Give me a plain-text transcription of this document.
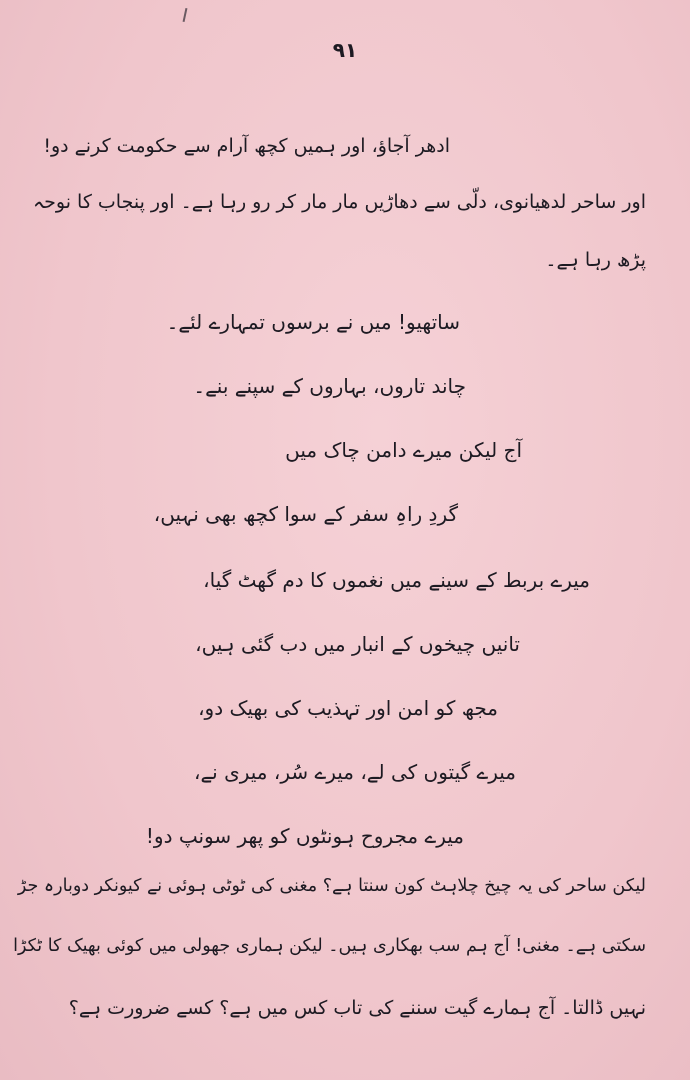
۹۱
ادھر آجاؤ، اور ہمیں کچھ آرام سے حکومت کرنے دو!
اور ساحر لدھیانوی، دلّی سے دھاڑیں مار مار کر رو رہا ہے۔ اور پنجاب کا نوحہ
پڑھ رہا ہے۔
ساتھیو! میں نے برسوں تمہارے لئے۔
چاند تاروں، بہاروں کے سپنے بنے۔
آج لیکن میرے دامن چاک میں
گردِ راہِ سفر کے سوا کچھ بھی نہیں،
میرے بربط کے سینے میں نغموں کا دم گھٹ گیا،
تانیں چیخوں کے انبار میں دب گئی ہیں،
مجھ کو امن اور تہذیب کی بھیک دو،
میرے گیتوں کی لے، میرے سُر، میری نے،
میرے مجروح ہونٹوں کو پھر سونپ دو!
لیکن ساحر کی یہ چیخ چلاہٹ کون سنتا ہے؟ مغنی کی ٹوٹی ہوئی نے کیونکر دوبارہ جڑ
سکتی ہے۔ مغنی! آج ہم سب بھکاری ہیں۔ لیکن ہماری جھولی میں کوئی بھیک کا ٹکڑا
نہیں ڈالتا۔ آج ہمارے گیت سننے کی تاب کس میں ہے؟ کسے ضرورت ہے؟
